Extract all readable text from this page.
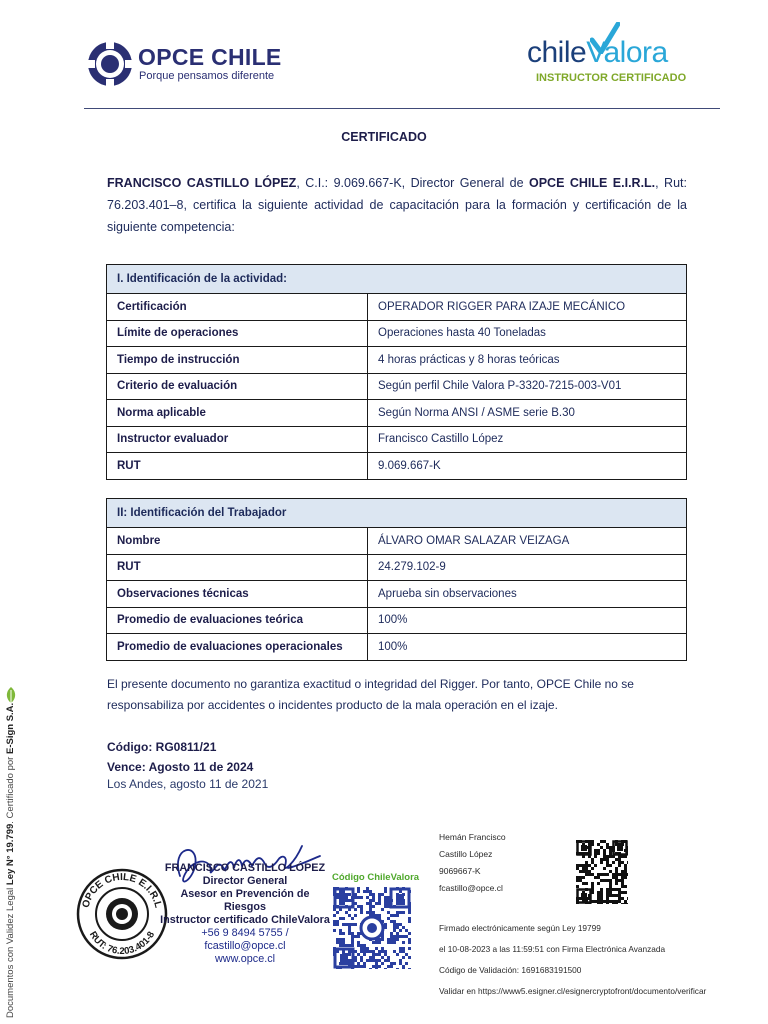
OPCE CHILE
Porque pensamos diferente
chileValora
INSTRUCTOR CERTIFICADO
CERTIFICADO
FRANCISCO CASTILLO LÓPEZ, C.I.: 9.069.667-K, Director General de OPCE CHILE E.I.R.L., Rut: 76.203.401–8, certifica la siguiente actividad de capacitación para la formación y certificación de la siguiente competencia:
I. Identificación de la actividad:	
Certificación	OPERADOR RIGGER PARA IZAJE MECÁNICO
Límite de operaciones	Operaciones hasta 40 Toneladas
Tiempo de instrucción	4 horas prácticas y 8 horas teóricas
Criterio de evaluación	Según perfil Chile Valora P-3320-7215-003-V01
Norma aplicable	Según Norma ANSI / ASME serie B.30
Instructor evaluador	Francisco Castillo López
RUT	9.069.667-K
II: Identificación del Trabajador	
Nombre	ÁLVARO OMAR SALAZAR VEIZAGA
RUT	24.279.102-9
Observaciones técnicas	Aprueba sin observaciones
Promedio de evaluaciones teórica	100%
Promedio de evaluaciones operacionales	100%
El presente documento no garantiza exactitud o integridad del Rigger. Por tanto, OPCE Chile no se responsabiliza por accidentes o incidentes producto de la mala operación en el izaje.
Código: RG0811/21
Vence: Agosto 11 de 2024
Los Andes, agosto 11 de 2021
OPCE CHILE E.I.R.L
RUT: 76.203.401-8
FRANCISCO CASTILLO LÓPEZ
Director General
Asesor en Prevención de Riesgos
Instructor certificado ChileValora
+56 9 8494 5755 / fcastillo@opce.cl
www.opce.cl
Código ChileValora
Hemán Francisco
Castillo López
9069667-K
fcastillo@opce.cl
Firmado electrónicamente según Ley 19799
el 10-08-2023 a las 11:59:51 con Firma Electrónica Avanzada
Código de Validación: 1691683191500
Validar en https://www5.esigner.cl/esignercryptofront/documento/verificar
Documentos con Validez Legal Ley N° 19.799. Certificado por E-Sign S.A.
